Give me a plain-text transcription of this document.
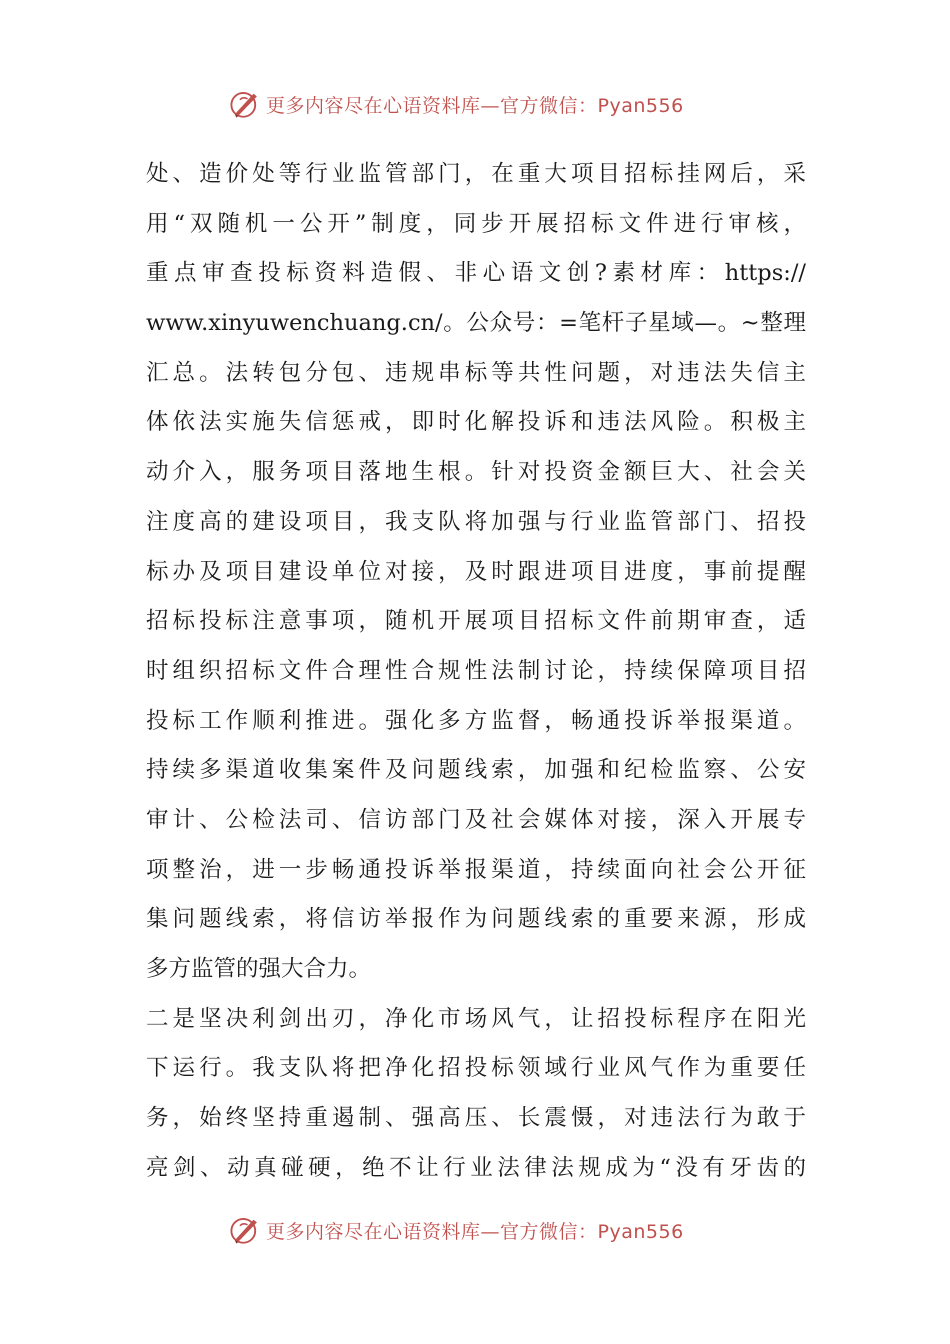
更多内容尽在心语资料库—官方微信：Pyan556
处、造价处等行业监管部门，在重大项目招标挂网后，采
用“双随机一公开”制度，同步开展招标文件进行审核，
重点审查投标资料造假、非心语文创?素材库：https://
www.xinyuwenchuang.cn/。公众号：=笔杆子星域—。~整理
汇总。法转包分包、违规串标等共性问题，对违法失信主
体依法实施失信惩戒，即时化解投诉和违法风险。积极主
动介入，服务项目落地生根。针对投资金额巨大、社会关
注度高的建设项目，我支队将加强与行业监管部门、招投
标办及项目建设单位对接，及时跟进项目进度，事前提醒
招标投标注意事项，随机开展项目招标文件前期审查，适
时组织招标文件合理性合规性法制讨论，持续保障项目招
投标工作顺利推进。强化多方监督，畅通投诉举报渠道。
持续多渠道收集案件及问题线索，加强和纪检监察、公安
审计、公检法司、信访部门及社会媒体对接，深入开展专
项整治，进一步畅通投诉举报渠道，持续面向社会公开征
集问题线索，将信访举报作为问题线索的重要来源，形成
多方监管的强大合力。
二是坚决利剑出刃，净化市场风气，让招投标程序在阳光
下运行。我支队将把净化招投标领域行业风气作为重要任
务，始终坚持重遏制、强高压、长震慑，对违法行为敢于
亮剑、动真碰硬，绝不让行业法律法规成为“没有牙齿的
更多内容尽在心语资料库—官方微信：Pyan556
